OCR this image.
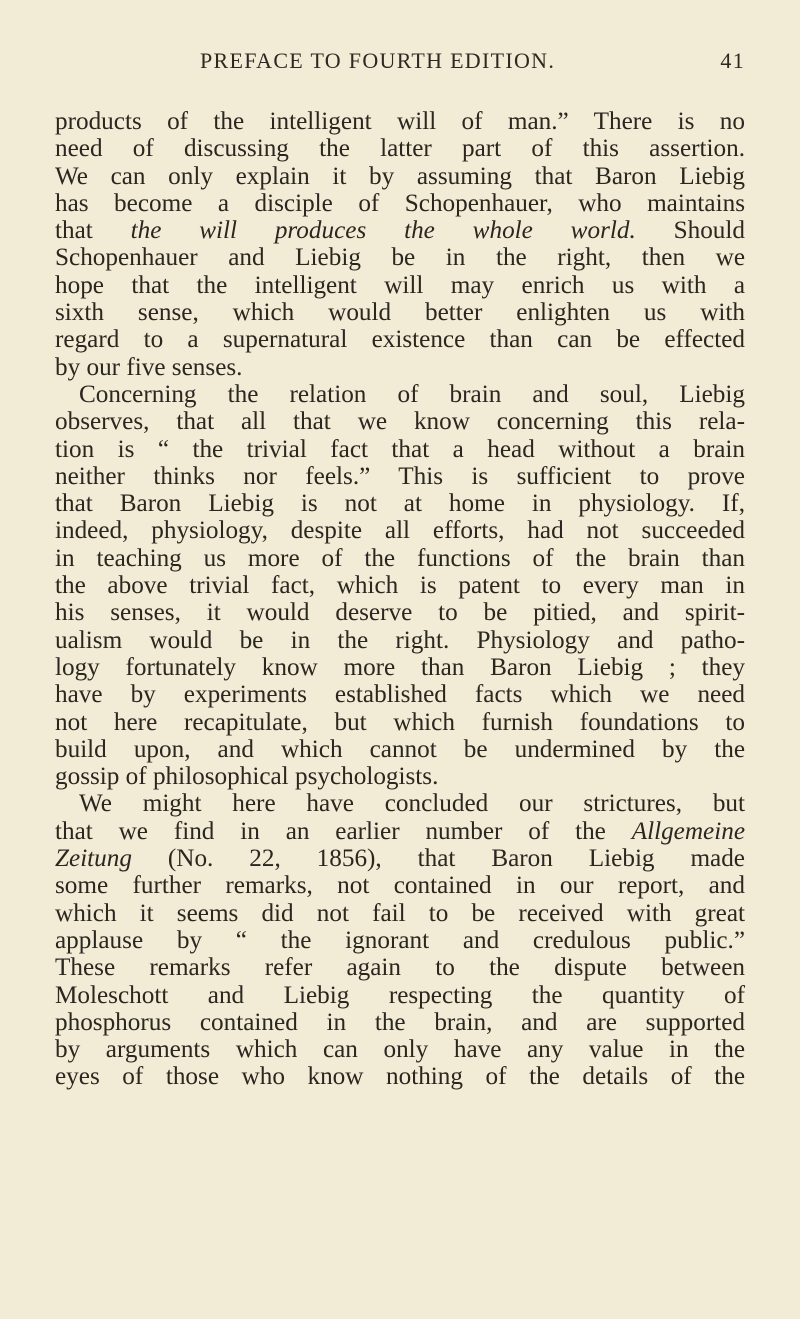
PREFACE TO FOURTH EDITION.	41
products of the intelligent will of man.” There is no
need of discussing the latter part of this assertion.
We can only explain it by assuming that Baron Liebig
has become a disciple of Schopenhauer, who maintains
that the will produces the whole world. Should
Schopenhauer and Liebig be in the right, then we
hope that the intelligent will may enrich us with a
sixth sense, which would better enlighten us with
regard to a supernatural existence than can be effected
by our five senses.
Concerning the relation of brain and soul, Liebig
observes, that all that we know concerning this rela-
tion is “ the trivial fact that a head without a brain
neither thinks nor feels.” This is sufficient to prove
that Baron Liebig is not at home in physiology. If,
indeed, physiology, despite all efforts, had not succeeded
in teaching us more of the functions of the brain than
the above trivial fact, which is patent to every man in
his senses, it would deserve to be pitied, and spirit-
ualism would be in the right. Physiology and patho-
logy fortunately know more than Baron Liebig ; they
have by experiments established facts which we need
not here recapitulate, but which furnish foundations to
build upon, and which cannot be undermined by the
gossip of philosophical psychologists.
We might here have concluded our strictures, but
that we find in an earlier number of the Allgemeine
Zeitung (No. 22, 1856), that Baron Liebig made
some further remarks, not contained in our report, and
which it seems did not fail to be received with great
applause by “ the ignorant and credulous public.”
These remarks refer again to the dispute between
Moleschott and Liebig respecting the quantity of
phosphorus contained in the brain, and are supported
by arguments which can only have any value in the
eyes of those who know nothing of the details of the
